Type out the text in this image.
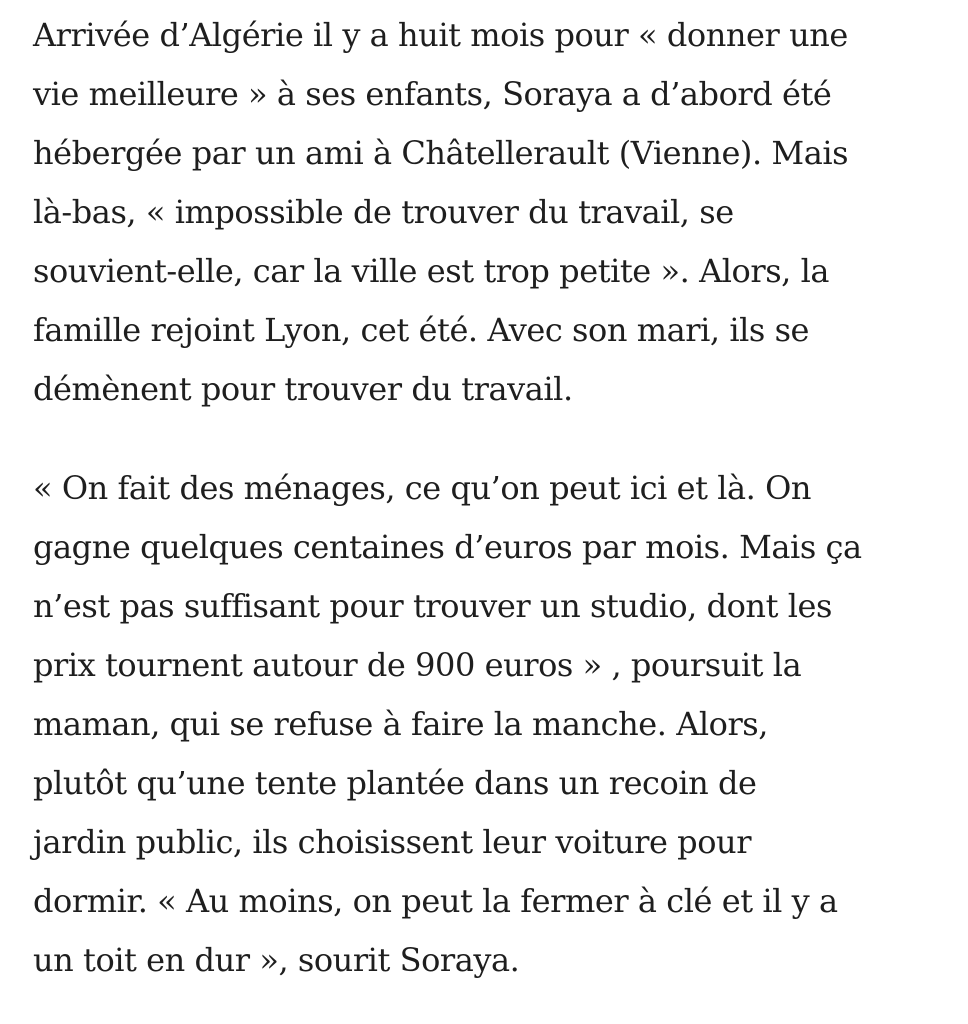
Arrivée d’Algérie il y a huit mois pour « donner une
vie meilleure » à ses enfants, Soraya a d’abord été
hébergée par un ami à Châtellerault (Vienne). Mais
là-bas, « impossible de trouver du travail, se
souvient-elle, car la ville est trop petite ». Alors, la
famille rejoint Lyon, cet été. Avec son mari, ils se
démènent pour trouver du travail.

« On fait des ménages, ce qu’on peut ici et là. On
gagne quelques centaines d’euros par mois. Mais ça
n’est pas suffisant pour trouver un studio, dont les
prix tournent autour de 900 euros » , poursuit la
maman, qui se refuse à faire la manche. Alors,
plutôt qu’une tente plantée dans un recoin de
jardin public, ils choisissent leur voiture pour
dormir. « Au moins, on peut la fermer à clé et il y a
un toit en dur », sourit Soraya.
